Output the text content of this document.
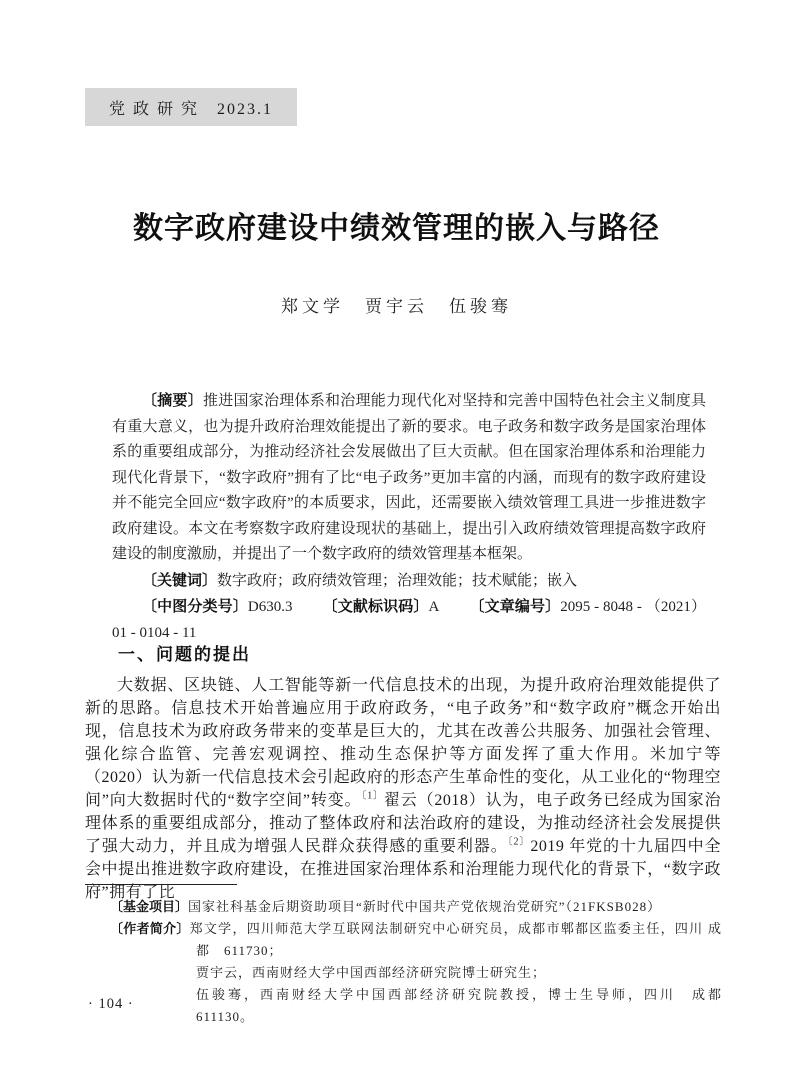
党 政 研 究　2023.1
数字政府建设中绩效管理的嵌入与路径
郑文学　贾宇云　伍骏骞

〔摘要〕推进国家治理体系和治理能力现代化对坚持和完善中国特色社会主义制度具有重大意义，也为提升政府治理效能提出了新的要求。电子政务和数字政务是国家治理体系的重要组成部分，为推动经济社会发展做出了巨大贡献。但在国家治理体系和治理能力现代化背景下，“数字政府”拥有了比“电子政务”更加丰富的内涵，而现有的数字政府建设并不能完全回应“数字政府”的本质要求，因此，还需要嵌入绩效管理工具进一步推进数字政府建设。本文在考察数字政府建设现状的基础上，提出引入政府绩效管理提高数字政府建设的制度激励，并提出了一个数字政府的绩效管理基本框架。

〔关键词〕数字政府；政府绩效管理；治理效能；技术赋能；嵌入

〔中图分类号〕D630.3 〔文献标识码〕A 〔文章编号〕2095 - 8048 - （2021）01 - 0104 - 11

一、问题的提出

大数据、区块链、人工智能等新一代信息技术的出现，为提升政府治理效能提供了新的思路。信息技术开始普遍应用于政府政务，“电子政务”和“数字政府”概念开始出现，信息技术为政府政务带来的变革是巨大的，尤其在改善公共服务、加强社会管理、强化综合监管、完善宏观调控、推动生态保护等方面发挥了重大作用。米加宁等（2020）认为新一代信息技术会引起政府的形态产生革命性的变化，从工业化的“物理空间”向大数据时代的“数字空间”转变。$^{〔1〕}$翟云（2018）认为，电子政务已经成为国家治理体系的重要组成部分，推动了整体政府和法治政府的建设，为推动经济社会发展提供了强大动力，并且成为增强人民群众获得感的重要利器。$^{〔2〕}$2019 年党的十九届四中全会中提出推进数字政府建设，在推进国家治理体系和治理能力现代化的背景下，“数字政府”拥有了比

〔基金项目〕国家社科基金后期资助项目“新时代中国共产党依规治党研究”（21FKSB028）

〔作者简介〕郑文学，四川师范大学互联网法制研究中心研究员，成都市郫都区监委主任，四川 成都　611730；

贾宇云，西南财经大学中国西部经济研究院博士研究生；

伍骏骞，西南财经大学中国西部经济研究院教授，博士生导师，四川　成都　611130。

· 104 ·
